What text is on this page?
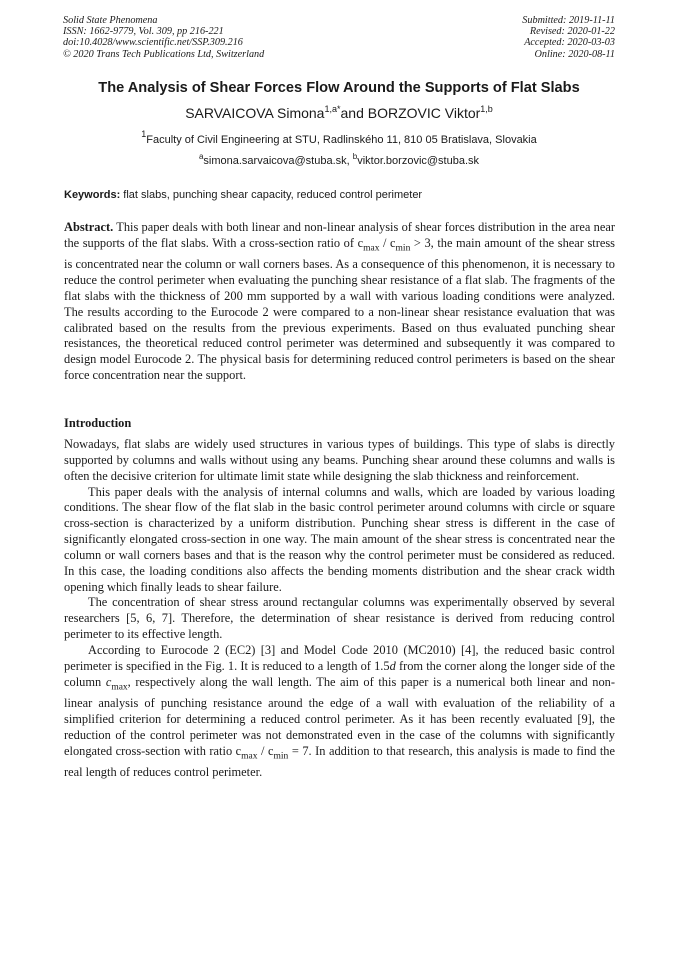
Solid State Phenomena
ISSN: 1662-9779, Vol. 309, pp 216-221
doi:10.4028/www.scientific.net/SSP.309.216
© 2020 Trans Tech Publications Ltd, Switzerland
Submitted: 2019-11-11
Revised: 2020-01-22
Accepted: 2020-03-03
Online: 2020-08-11
The Analysis of Shear Forces Flow Around the Supports of Flat Slabs
SARVAICOVA Simona$^{1,a*}$and BORZOVIC Viktor$^{1,b}$
$^1$Faculty of Civil Engineering at STU, Radlinského 11, 810 05 Bratislava, Slovakia
$^a$simona.sarvaicova@stuba.sk, $^b$viktor.borzovic@stuba.sk
Keywords: flat slabs, punching shear capacity, reduced control perimeter
Abstract. This paper deals with both linear and non-linear analysis of shear forces distribution in the area near the supports of the flat slabs. With a cross-section ratio of $c_{max} / c_{min} > 3$, the main amount of the shear stress is concentrated near the column or wall corners bases. As a consequence of this phenomenon, it is necessary to reduce the control perimeter when evaluating the punching shear resistance of a flat slab. The fragments of the flat slabs with the thickness of 200 mm supported by a wall with various loading conditions were analyzed. The results according to the Eurocode 2 were compared to a non-linear shear resistance evaluation that was calibrated based on the results from the previous experiments. Based on thus evaluated punching shear resistances, the theoretical reduced control perimeter was determined and subsequently it was compared to design model Eurocode 2. The physical basis for determining reduced control perimeters is based on the shear force concentration near the support.
Introduction

Nowadays, flat slabs are widely used structures in various types of buildings. This type of slabs is directly supported by columns and walls without using any beams. Punching shear around these columns and walls is often the decisive criterion for ultimate limit state while designing the slab thickness and reinforcement.

This paper deals with the analysis of internal columns and walls, which are loaded by various loading conditions. The shear flow of the flat slab in the basic control perimeter around columns with circle or square cross-section is characterized by a uniform distribution. Punching shear stress is different in the case of significantly elongated cross-section in one way. The main amount of the shear stress is concentrated near the column or wall corners bases and that is the reason why the control perimeter must be considered as reduced. In this case, the loading conditions also affects the bending moments distribution and the shear crack width opening which finally leads to shear failure.

The concentration of shear stress around rectangular columns was experimentally observed by several researchers [5, 6, 7]. Therefore, the determination of shear resistance is derived from reducing control perimeter to its effective length.

According to Eurocode 2 (EC2) [3] and Model Code 2010 (MC2010) [4], the reduced basic control perimeter is specified in the Fig. 1. It is reduced to a length of 1.5d from the corner along the longer side of the column $c_{max}$, respectively along the wall length. The aim of this paper is a numerical both linear and non-linear analysis of punching resistance around the edge of a wall with evaluation of the reliability of a simplified criterion for determining a reduced control perimeter. As it has been recently evaluated [9], the reduction of the control perimeter was not demonstrated even in the case of the columns with significantly elongated cross-section with ratio $c_{max} / c_{min} = 7$. In addition to that research, this analysis is made to find the real length of reduces control perimeter.
